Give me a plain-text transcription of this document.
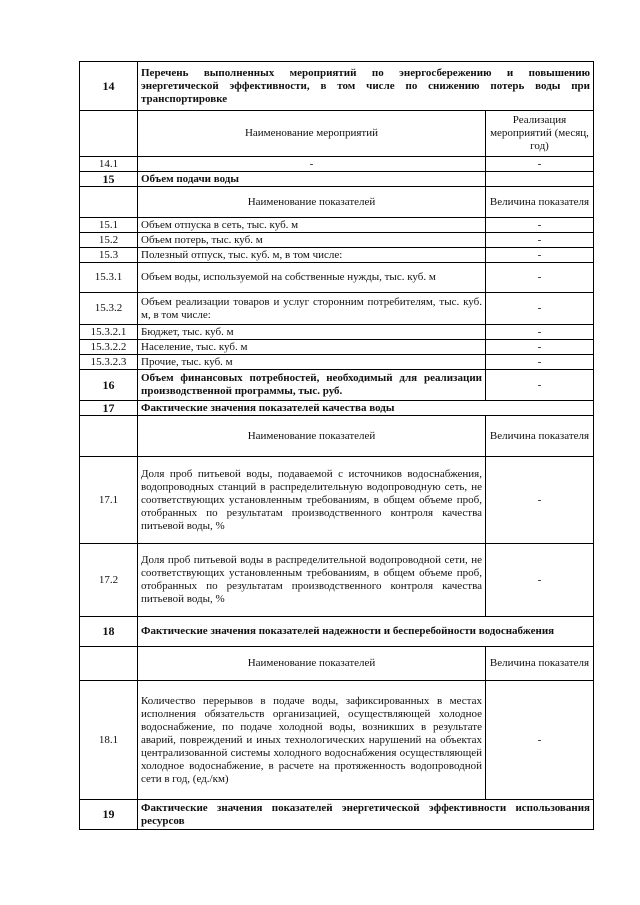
14	Перечень выполненных мероприятий по энергосбережению и повышению энергетической эффективности, в том числе по снижению потерь воды при транспортировке	
	Наименование мероприятий	Реализация мероприятий (месяц, год)
14.1	-	-
15	Объем подачи воды	
	Наименование показателей	Величина показателя
15.1	Объем отпуска в сеть, тыс. куб. м	-
15.2	Объем потерь, тыс. куб. м	-
15.3	Полезный отпуск, тыс. куб. м, в том числе:	-
15.3.1	Объем воды, используемой на собственные нужды, тыс. куб. м	-
15.3.2	Объем реализации товаров и услуг сторонним потребителям, тыс. куб. м, в том числе:	-
15.3.2.1	Бюджет, тыс. куб. м	-
15.3.2.2	Население, тыс. куб. м	-
15.3.2.3	Прочие, тыс. куб. м	-
16	Объем финансовых потребностей, необходимый для реализации производственной программы, тыс. руб.	-
17	Фактические значения показателей качества воды	
	Наименование показателей	Величина показателя
17.1	Доля проб питьевой воды, подаваемой с источников водоснабжения, водопроводных станций в распределительную водопроводную сеть, не соответствующих установленным требованиям, в общем объеме проб, отобранных по результатам производственного контроля качества питьевой воды, %	-
17.2	Доля проб питьевой воды в распределительной водопроводной сети, не соответствующих установленным требованиям, в общем объеме проб, отобранных по результатам производственного контроля качества питьевой воды, %	-
18	Фактические значения показателей надежности и бесперебойности водоснабжения	
	Наименование показателей	Величина показателя
18.1	Количество перерывов в подаче воды, зафиксированных в местах исполнения обязательств организацией, осуществляющей холодное водоснабжение, по подаче холодной воды, возникших в результате аварий, повреждений и иных технологических нарушений на объектах централизованной системы холодного водоснабжения осуществляющей холодное водоснабжение, в расчете на протяженность водопроводной сети в год, (ед./км)	-
19	Фактические значения показателей энергетической эффективности использования ресурсов	
